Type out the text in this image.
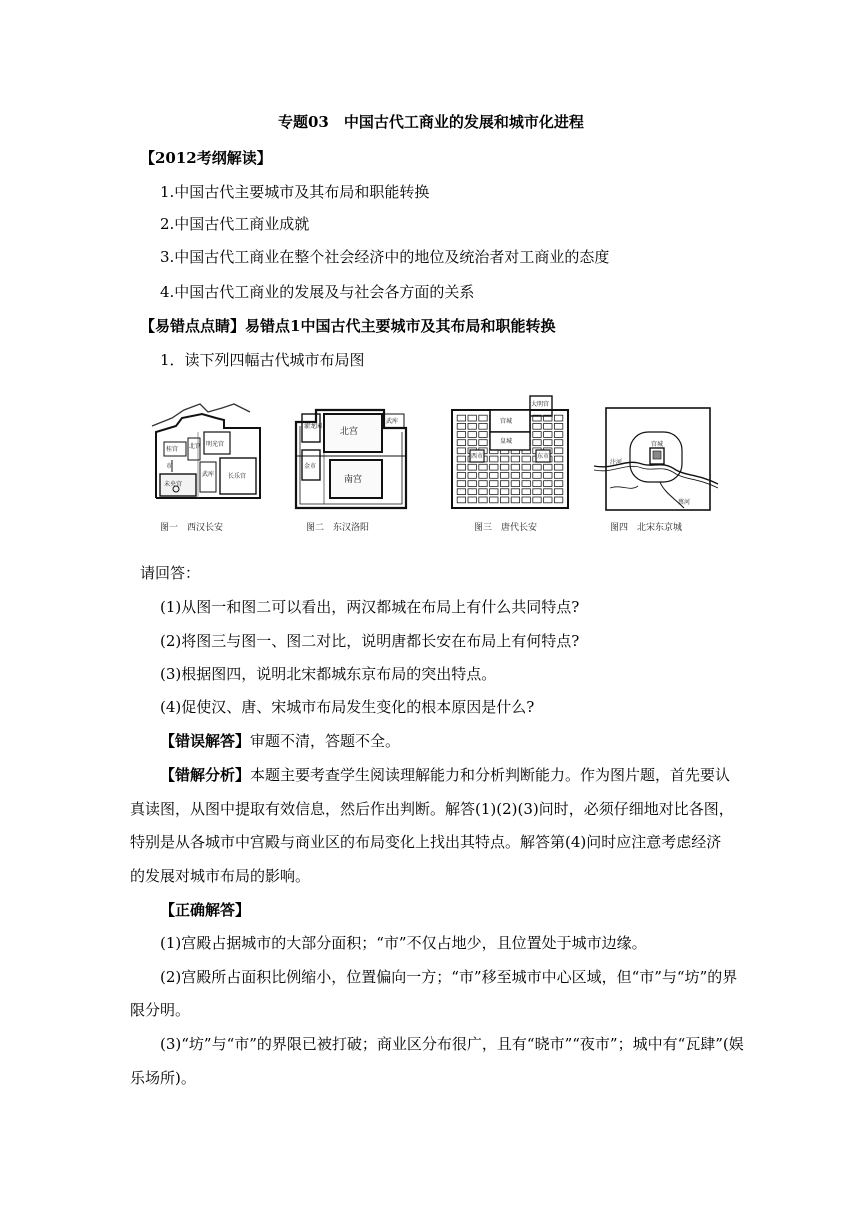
专题03　中国古代工商业的发展和城市化进程
【2012考纲解读】
1.中国古代主要城市及其布局和职能转换
2.中国古代工商业成就
3.中国古代工商业在整个社会经济中的地位及统治者对工商业的态度
4.中国古代工商业的发展及与社会各方面的关系
【易错点点睛】易错点1中国古代主要城市及其布局和职能转换
1．读下列四幅古代城市布局图
未央宫
长乐宫
明光宫
桂宫 北宫
武库
市
图一　西汉长安
北宫
南宫
濯龙园
武库
金市
图二　东汉洛阳
宫城
皇城
东市
西市
大明宫
图三　唐代长安
宫城
汴河
蔡河
图四　北宋东京城
请回答：
(1)从图一和图二可以看出，两汉都城在布局上有什么共同特点?
(2)将图三与图一、图二对比，说明唐都长安在布局上有何特点?
(3)根据图四，说明北宋都城东京布局的突出特点。
(4)促使汉、唐、宋城市布局发生变化的根本原因是什么?
【错误解答】审题不清，答题不全。
【错解分析】本题主要考查学生阅读理解能力和分析判断能力。作为图片题，首先要认
真读图，从图中提取有效信息，然后作出判断。解答(1)(2)(3)问时，必须仔细地对比各图，
特别是从各城市中宫殿与商业区的布局变化上找出其特点。解答第(4)问时应注意考虑经济
的发展对城市布局的影响。
【正确解答】
(1)宫殿占据城市的大部分面积；“市”不仅占地少，且位置处于城市边缘。
(2)宫殿所占面积比例缩小，位置偏向一方；“市”移至城市中心区域，但“市”与“坊”的界
限分明。
(3)“坊”与“市”的界限已被打破；商业区分布很广，且有“晓市”“夜市”；城中有“瓦肆”(娱
乐场所)。
